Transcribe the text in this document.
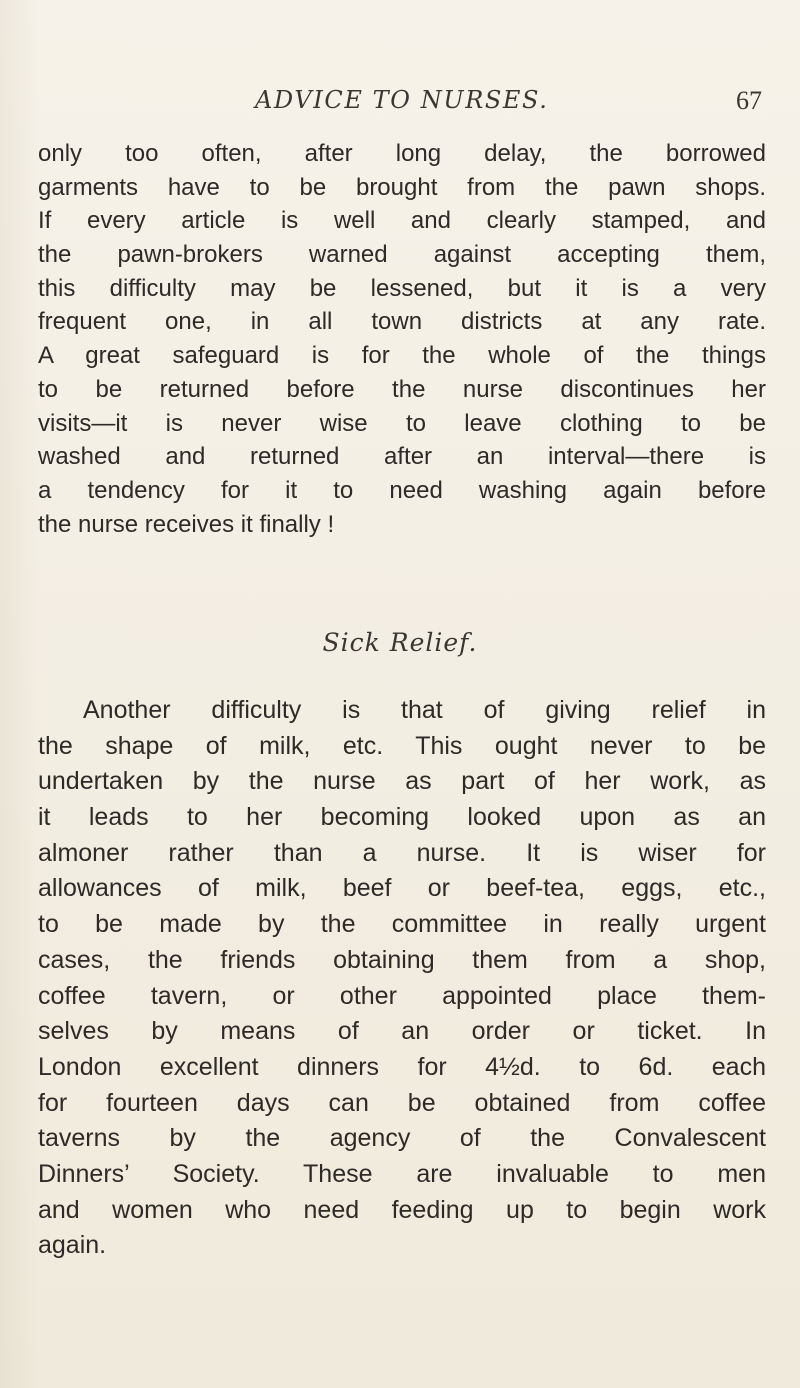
ADVICE TO NURSES.	67
only too often, after long delay, the borrowed
garments have to be brought from the pawn shops.
If every article is well and clearly stamped, and
the pawn-brokers warned against accepting them,
this difficulty may be lessened, but it is a very
frequent one, in all town districts at any rate.
A great safeguard is for the whole of the things
to be returned before the nurse discontinues her
visits—it is never wise to leave clothing to be
washed and returned after an interval—there is
a tendency for it to need washing again before
the nurse receives it finally !
Sick Relief.
Another difficulty is that of giving relief in
the shape of milk, etc. This ought never to be
undertaken by the nurse as part of her work, as
it leads to her becoming looked upon as an
almoner rather than a nurse. It is wiser for
allowances of milk, beef or beef-tea, eggs, etc.,
to be made by the committee in really urgent
cases, the friends obtaining them from a shop,
coffee tavern, or other appointed place them-
selves by means of an order or ticket. In
London excellent dinners for 4½d. to 6d. each
for fourteen days can be obtained from coffee
taverns by the agency of the Convalescent
Dinners’ Society. These are invaluable to men
and women who need feeding up to begin work
again.
